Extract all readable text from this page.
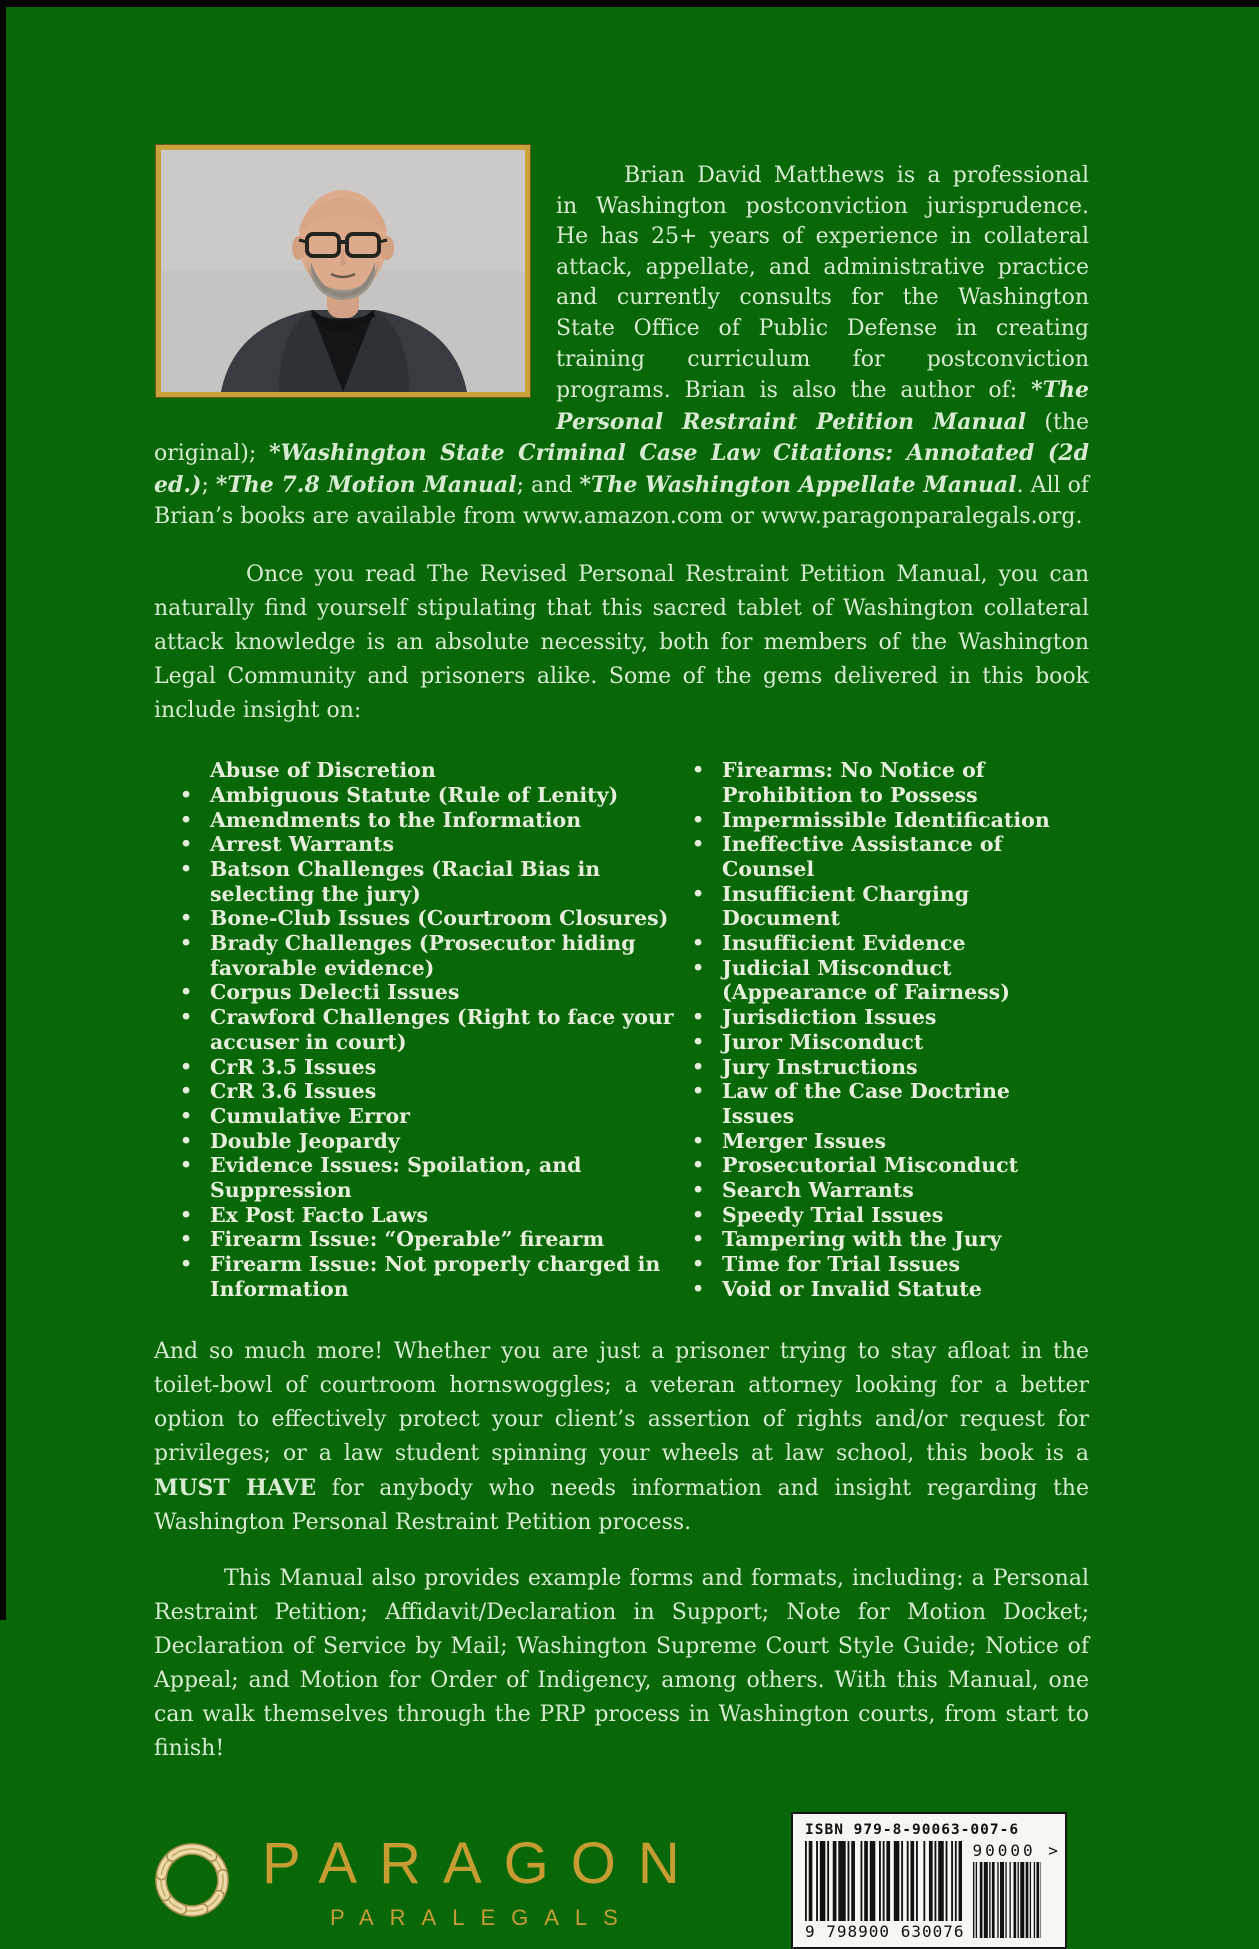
Brian David Matthews is a professional in Washington postconviction jurisprudence. He has 25+ years of experience in collateral attack, appellate, and administrative practice and currently consults for the Washington State Office of Public Defense in creating training curriculum for postconviction programs. Brian is also the author of: *The Personal Restraint Petition Manual (the original); *Washington State Criminal Case Law Citations: Annotated (2d ed.); *The 7.8 Motion Manual; and *The Washington Appellate Manual. All of Brian’s books are available from www.amazon.com or www.paragonparalegals.org.

Once you read The Revised Personal Restraint Petition Manual, you can naturally find yourself stipulating that this sacred tablet of Washington collateral attack knowledge is an absolute necessity, both for members of the Washington Legal Community and prisoners alike. Some of the gems delivered in this book include insight on:

Abuse of Discretion
• Ambiguous Statute (Rule of Lenity)
• Amendments to the Information
• Arrest Warrants
• Batson Challenges (Racial Bias in selecting the jury)
• Bone-Club Issues (Courtroom Closures)
• Brady Challenges (Prosecutor hiding favorable evidence)
• Corpus Delecti Issues
• Crawford Challenges (Right to face your accuser in court)
• CrR 3.5 Issues
• CrR 3.6 Issues
• Cumulative Error
• Double Jeopardy
• Evidence Issues: Spoilation, and Suppression
• Ex Post Facto Laws
• Firearm Issue: “Operable” firearm
• Firearm Issue: Not properly charged in Information
• Firearms: No Notice of Prohibition to Possess
• Impermissible Identification
• Ineffective Assistance of Counsel
• Insufficient Charging Document
• Insufficient Evidence
• Judicial Misconduct (Appearance of Fairness)
• Jurisdiction Issues
• Juror Misconduct
• Jury Instructions
• Law of the Case Doctrine Issues
• Merger Issues
• Prosecutorial Misconduct
• Search Warrants
• Speedy Trial Issues
• Tampering with the Jury
• Time for Trial Issues
• Void or Invalid Statute

And so much more! Whether you are just a prisoner trying to stay afloat in the toilet-bowl of courtroom hornswoggles; a veteran attorney looking for a better option to effectively protect your client’s assertion of rights and/or request for privileges; or a law student spinning your wheels at law school, this book is a MUST HAVE for anybody who needs information and insight regarding the Washington Personal Restraint Petition process.

This Manual also provides example forms and formats, including: a Personal Restraint Petition; Affidavit/Declaration in Support; Note for Motion Docket; Declaration of Service by Mail; Washington Supreme Court Style Guide; Notice of Appeal; and Motion for Order of Indigency, among others. With this Manual, one can walk themselves through the PRP process in Washington courts, from start to finish!

PARAGON
PARALEGALS
ISBN 979-8-90063-007-6
9 798900 630076
90000 >
